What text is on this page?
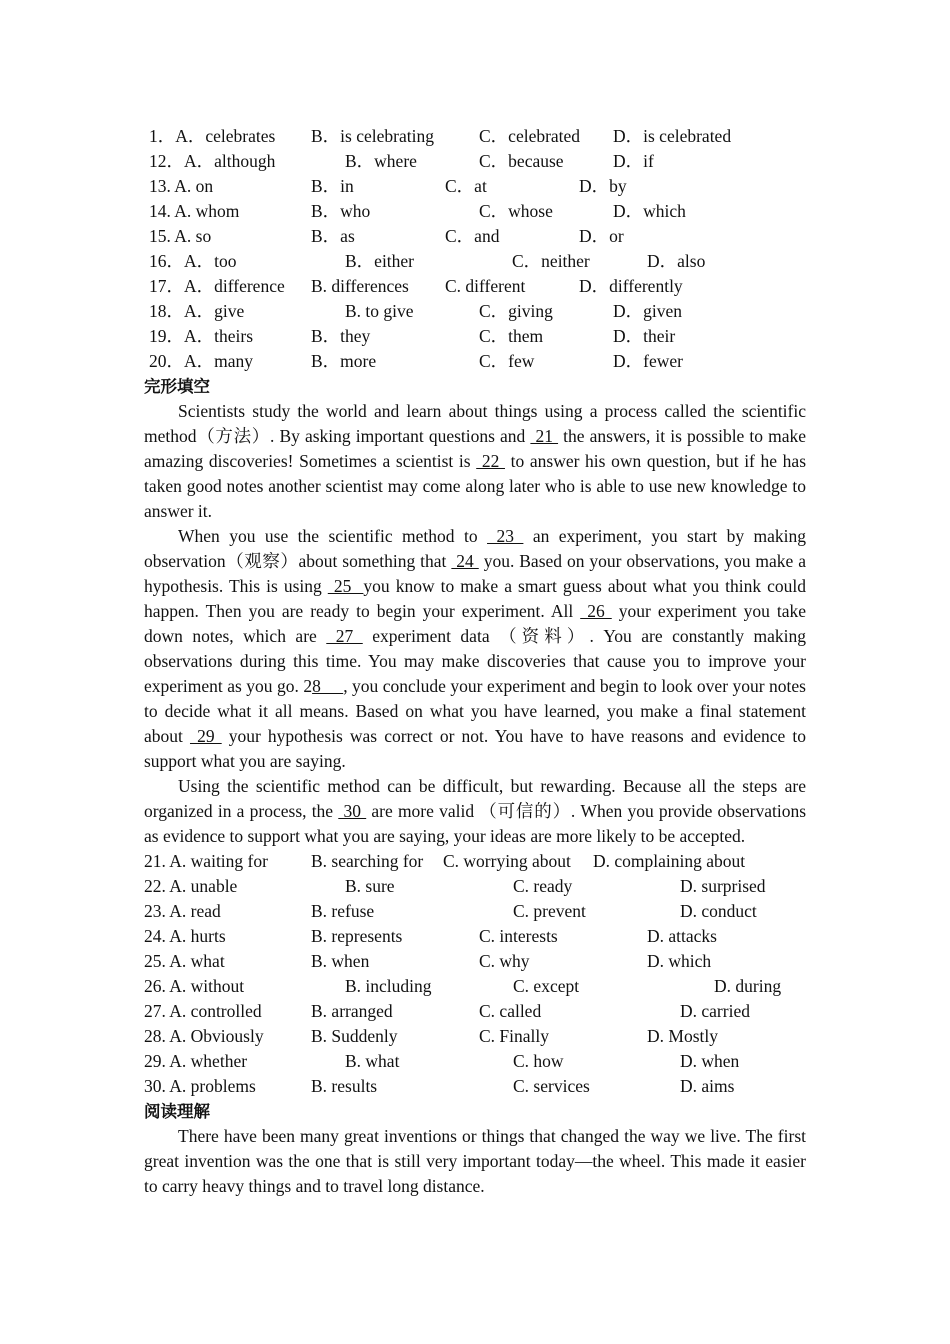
1．A．celebrates B．is celebrating	C．celebrated D．is celebrated
12．A．although	B．where	C．because	D．if
13. A. on	B．in	C．at	D．by
14. A. whom	B．who	C．whose	D．which
15. A. so	B．as	C．and	D．or
16．A．too	B．either	C．neither	D．also
17．A．difference B. differences C. different	D．differently
18．A．give	B. to give	C．giving	D．given
19．A．theirs	B．they	C．them	D．their
20．A．many	B．more	C．few	D．fewer
完形填空

Scientists study the world and learn about things using a process called the scientific method（方法）. By asking important questions and  21  the answers, it is possible to make amazing discoveries! Sometimes a scientist is  22  to answer his own question, but if he has taken good notes another scientist may come along later who is able to use new knowledge to answer it.

When you use the scientific method to  23  an experiment, you start by making observation（观察）about something that  24  you. Based on your observations, you make a hypothesis. This is using  25  you know to make a smart guess about what you think could happen. Then you are ready to begin your experiment. All  26  your experiment you take down notes, which are  27  experiment data （资料）. You are constantly making observations during this time. You may make discoveries that cause you to improve your experiment as you go. 28     , you conclude your experiment and begin to look over your notes to decide what it all means. Based on what you have learned, you make a final statement about  29  your hypothesis was correct or not. You have to have reasons and evidence to support what you are saying.

Using the scientific method can be difficult, but rewarding. Because all the steps are organized in a process, the  30  are more valid （可信的）. When you provide observations as evidence to support what you are saying, your ideas are more likely to be accepted.

21. A. waiting for B. searching for C. worrying about D. complaining about
22. A. unable	B. sure	C. ready	D. surprised
23. A. read	B. refuse	C. prevent	D. conduct
24. A. hurts	B. represents	C. interests	D. attacks
25. A. what	B. when	C. why	D. which
26. A. without	B. including	C. except	D. during
27. A. controlled	B. arranged	C. called	D. carried
28. A. Obviously	B. Suddenly	C. Finally	D. Mostly
29. A. whether	B. what	C. how	D. when
30. A. problems	B. results	C. services	D. aims
阅读理解

There have been many great inventions or things that changed the way we live. The first great invention was the one that is still very important today—the wheel. This made it easier to carry heavy things and to travel long distance.
